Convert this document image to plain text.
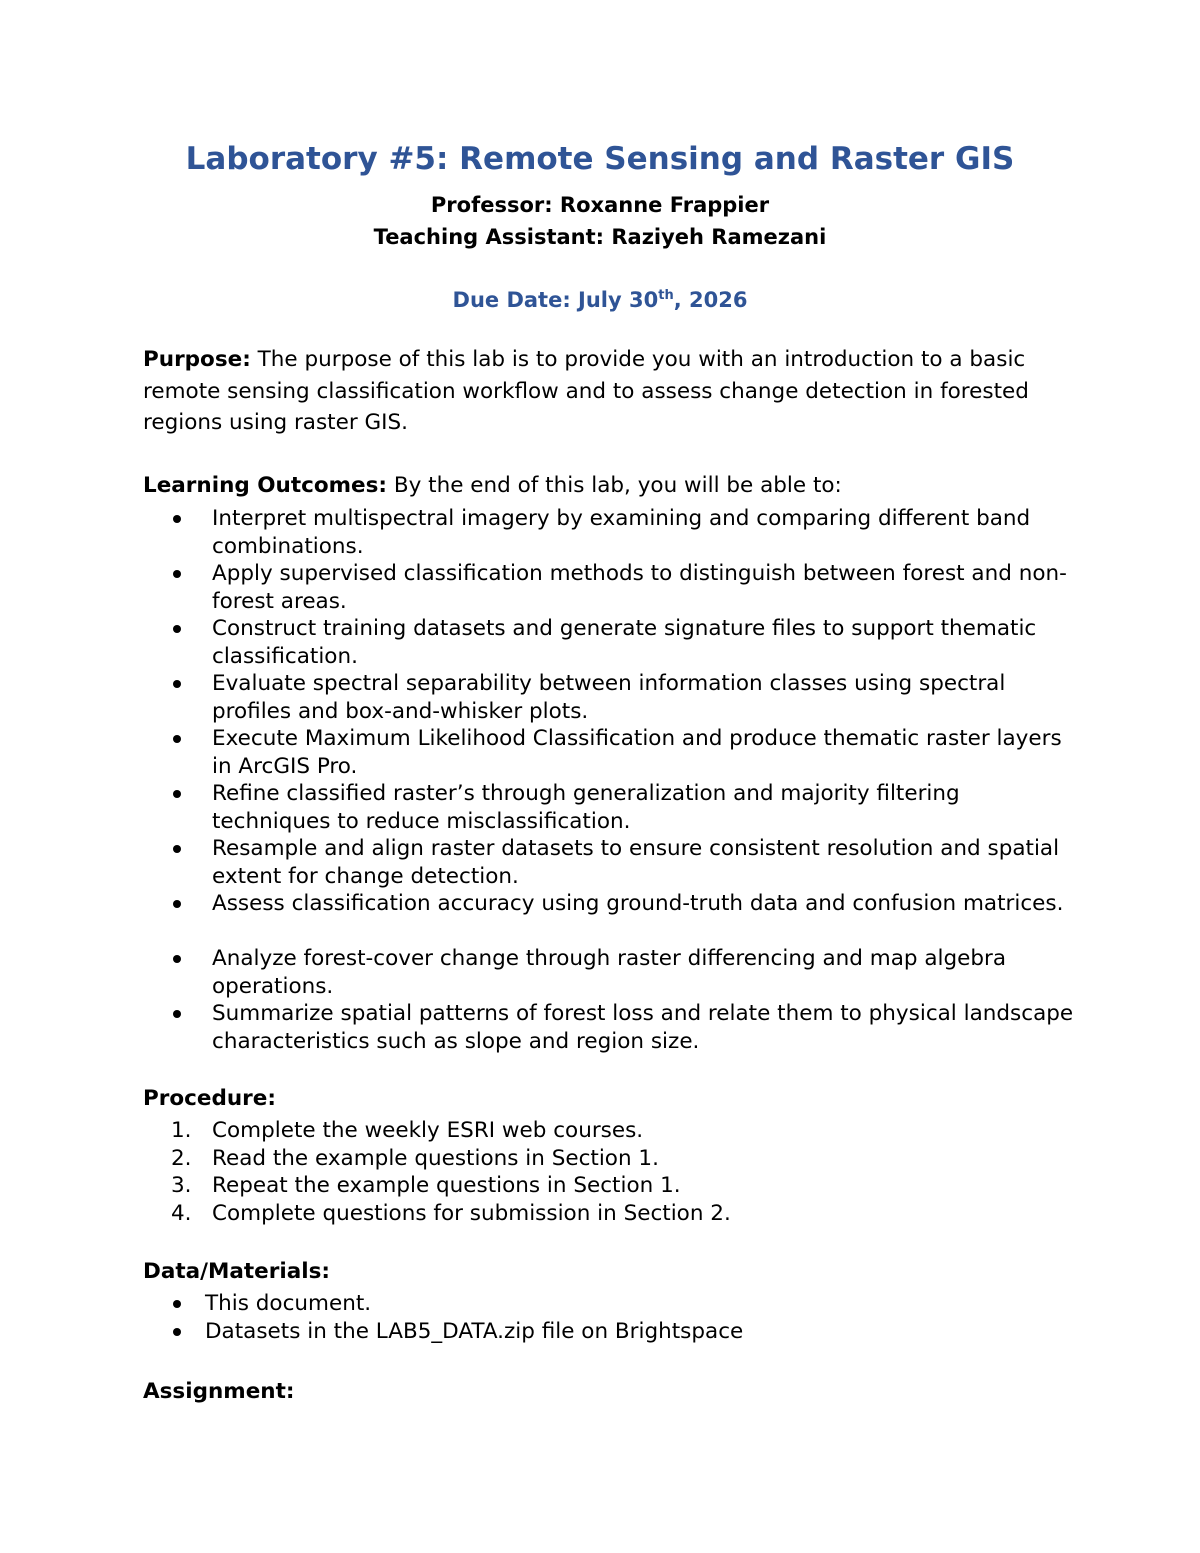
Laboratory #5: Remote Sensing and Raster GIS
Professor: Roxanne Frappier
Teaching Assistant: Raziyeh Ramezani
Due Date: July 30th, 2026
Purpose: The purpose of this lab is to provide you with an introduction to a basic remote sensing classification workflow and to assess change detection in forested regions using raster GIS.
Learning Outcomes: By the end of this lab, you will be able to:
Interpret multispectral imagery by examining and comparing different band combinations.
Apply supervised classification methods to distinguish between forest and non-forest areas.
Construct training datasets and generate signature files to support thematic classification.
Evaluate spectral separability between information classes using spectral profiles and box-and-whisker plots.
Execute Maximum Likelihood Classification and produce thematic raster layers in ArcGIS Pro.
Refine classified raster’s through generalization and majority filtering techniques to reduce misclassification.
Resample and align raster datasets to ensure consistent resolution and spatial extent for change detection.
Assess classification accuracy using ground-truth data and confusion matrices.
Analyze forest-cover change through raster differencing and map algebra operations.
Summarize spatial patterns of forest loss and relate them to physical landscape characteristics such as slope and region size.
Procedure:
1. Complete the weekly ESRI web courses.
2. Read the example questions in Section 1.
3. Repeat the example questions in Section 1.
4. Complete questions for submission in Section 2.
Data/Materials:
This document.
Datasets in the LAB5_DATA.zip file on Brightspace
Assignment:
